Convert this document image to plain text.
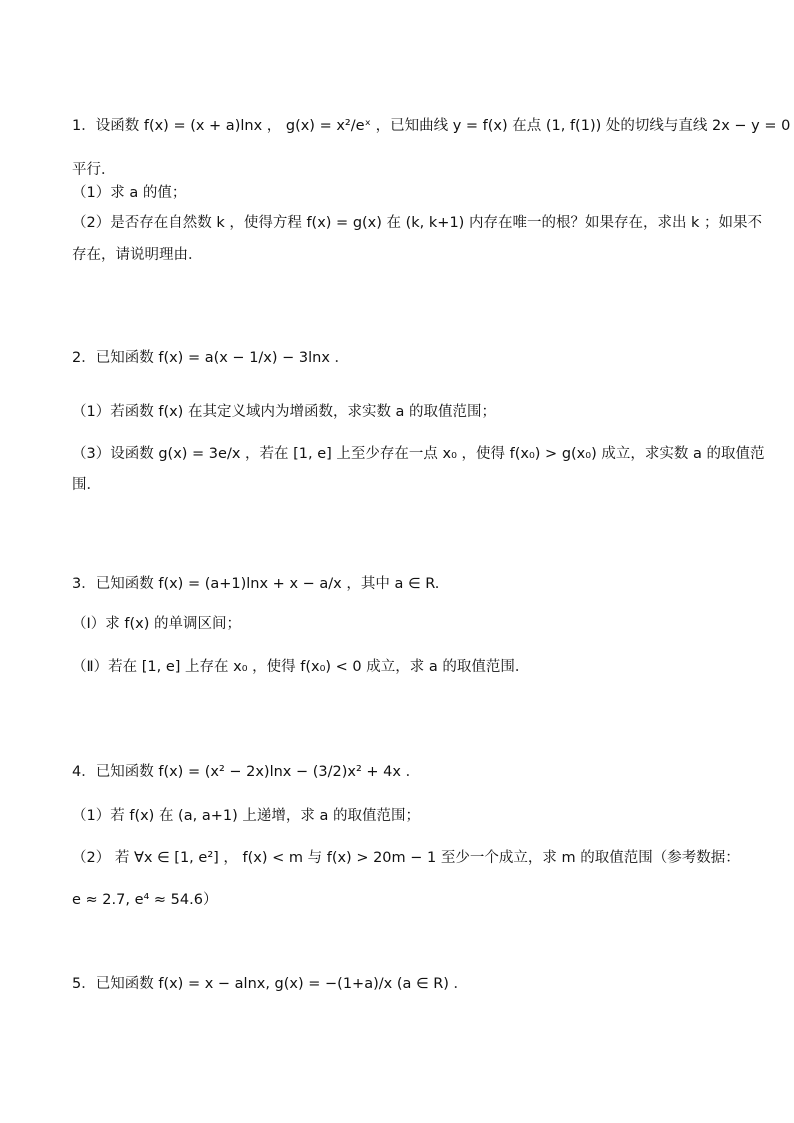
1．设函数 f(x) = (x + a)lnx ， g(x) = x²/eˣ ，已知曲线 y = f(x) 在点 (1, f(1)) 处的切线与直线 2x − y = 0
平行．
（1）求 a 的值；
（2）是否存在自然数 k ，使得方程 f(x) = g(x) 在 (k, k+1) 内存在唯一的根？如果存在，求出 k ；如果不
存在，请说明理由．
2．已知函数 f(x) = a(x − 1/x) − 3lnx ．
（1）若函数 f(x) 在其定义域内为增函数，求实数 a 的取值范围；
（3）设函数 g(x) = 3e/x ，若在 [1, e] 上至少存在一点 x₀ ，使得 f(x₀) > g(x₀) 成立，求实数 a 的取值范
围．
3．已知函数 f(x) = (a+1)lnx + x − a/x ，其中 a ∈ R.
（Ⅰ）求 f(x) 的单调区间；
（Ⅱ）若在 [1, e] 上存在 x₀ ，使得 f(x₀) < 0 成立，求 a 的取值范围．
4．已知函数 f(x) = (x² − 2x)lnx − (3/2)x² + 4x ．
（1）若 f(x) 在 (a, a+1) 上递增，求 a 的取值范围；
（2） 若 ∀x ∈ [1, e²] ， f(x) < m 与 f(x) > 20m − 1 至少一个成立，求 m 的取值范围（参考数据：
e ≈ 2.7, e⁴ ≈ 54.6）
5．已知函数 f(x) = x − alnx, g(x) = −(1+a)/x (a ∈ R) ．
